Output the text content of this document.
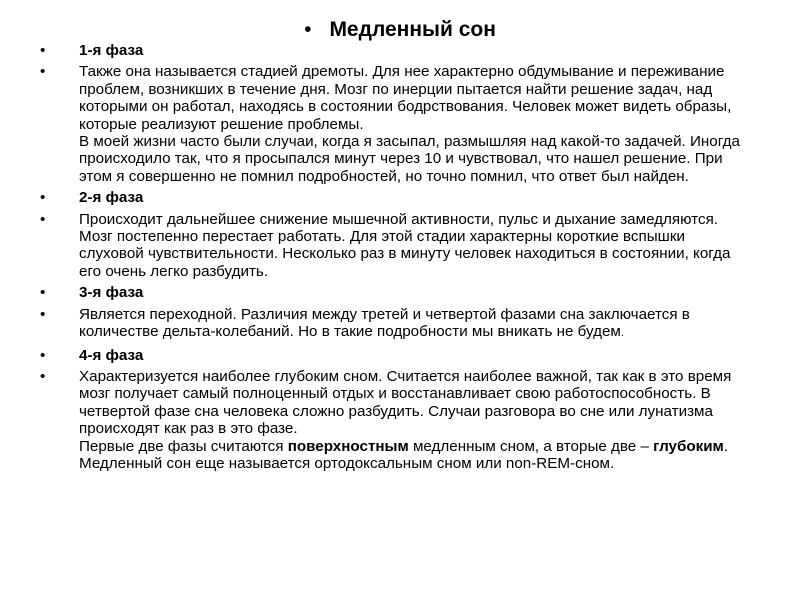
• Медленный сон
• 1-я фаза
• Также она называется стадией дремоты. Для нее характерно обдумывание и переживание проблем, возникших в течение дня. Мозг по инерции пытается найти решение задач, над которыми он работал, находясь в состоянии бодрствования. Человек может видеть образы, которые реализуют решение проблемы.
В моей жизни часто были случаи, когда я засыпал, размышляя над какой-то задачей. Иногда происходило так, что я просыпался минут через 10 и чувствовал, что нашел решение. При этом я совершенно не помнил подробностей, но точно помнил, что ответ был найден.
• 2-я фаза
• Происходит дальнейшее снижение мышечной активности, пульс и дыхание замедляются. Мозг постепенно перестает работать. Для этой стадии характерны короткие вспышки слуховой чувствительности. Несколько раз в минуту человек находиться в состоянии, когда его очень легко разбудить.
• 3-я фаза
• Является переходной. Различия между третей и четвертой фазами сна заключается в количестве дельта-колебаний. Но в такие подробности мы вникать не будем.
• 4-я фаза
• Характеризуется наиболее глубоким сном. Считается наиболее важной, так как в это время мозг получает самый полноценный отдых и восстанавливает свою работоспособность. В четвертой фазе сна человека сложно разбудить. Случаи разговора во сне или лунатизма происходят как раз в это фазе.
Первые две фазы считаются поверхностным медленным сном, а вторые две – глубоким. Медленный сон еще называется ортодоксальным сном или non-REM-сном.
